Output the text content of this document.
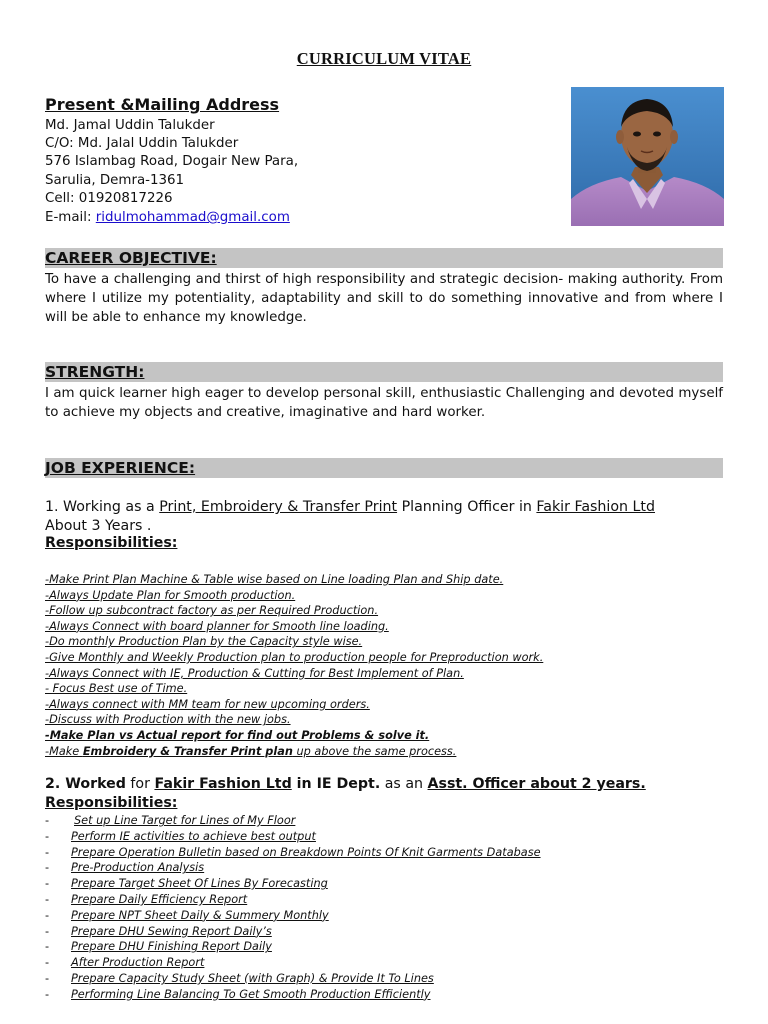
CURRICULUM VITAE
Present &Mailing Address
Md. Jamal Uddin Talukder
C/O: Md. Jalal Uddin Talukder
576 Islambag Road, Dogair New Para,
Sarulia, Demra-1361
Cell: 01920817226
E-mail: ridulmohammad@gmail.com
CAREER OBJECTIVE:
To have a challenging and thirst of high responsibility and strategic decision- making authority. From where I utilize my potentiality, adaptability and skill to do something innovative and from where I will be able to enhance my knowledge.
STRENGTH:
I am quick learner high eager to develop personal skill, enthusiastic Challenging and devoted myself to achieve my objects and creative, imaginative and hard worker.
JOB EXPERIENCE:
1. Working as a Print, Embroidery & Transfer Print Planning Officer in Fakir Fashion Ltd
About 3 Years .
Responsibilities:
-Make Print Plan Machine & Table wise based on Line loading Plan and Ship date.
-Always Update Plan for Smooth production.
-Follow up subcontract factory as per Required Production.
-Always Connect with board planner for Smooth line loading.
-Do monthly Production Plan by the Capacity style wise.
-Give Monthly and Weekly Production plan to production people for Preproduction work.
-Always Connect with IE, Production & Cutting for Best Implement of Plan.
- Focus Best use of Time.
-Always connect with MM team for new upcoming orders.
-Discuss with Production with the new jobs.
-Make Plan vs Actual report for find out Problems & solve it.
-Make Embroidery & Transfer Print plan up above the same process.
2. Worked for Fakir Fashion Ltd in IE Dept. as an Asst. Officer about 2 years.
Responsibilities:
- Set up Line Target for Lines of My Floor
- Perform IE activities to achieve best output
- Prepare Operation Bulletin based on Breakdown Points Of Knit Garments Database
- Pre-Production Analysis
- Prepare Target Sheet Of Lines By Forecasting
- Prepare Daily Efficiency Report
- Prepare NPT Sheet Daily & Summery Monthly
- Prepare DHU Sewing Report Daily’s
- Prepare DHU Finishing Report Daily
- After Production Report
- Prepare Capacity Study Sheet (with Graph) & Provide It To Lines
- Performing Line Balancing To Get Smooth Production Efficiently
